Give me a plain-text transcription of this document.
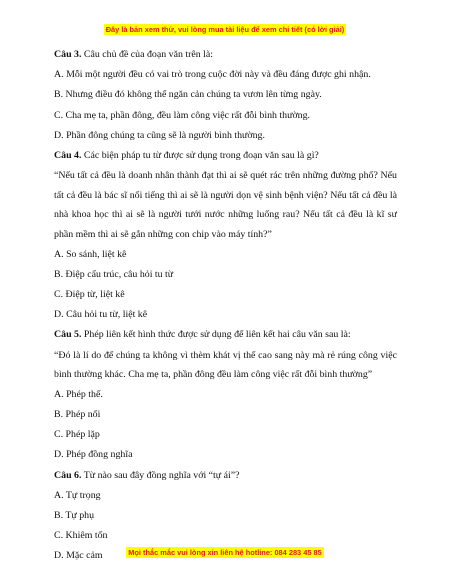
Đây là bản xem thử, vui lòng mua tài liệu để xem chi tiết (có lời giải)
Câu 3. Câu chủ đề của đoạn văn trên là:
A. Mỗi một người đều có vai trò trong cuộc đời này và đều đáng được ghi nhận.
B. Nhưng điều đó không thể ngăn cản chúng ta vươn lên từng ngày.
C. Cha mẹ ta, phần đông, đều làm công việc rất đỗi bình thường.
D. Phần đông chúng ta cũng sẽ là người bình thường.
Câu 4. Các biện pháp tu từ được sử dụng trong đoạn văn sau là gì?
“Nếu tất cả đều là doanh nhân thành đạt thì ai sẽ quét rác trên những đường phố? Nếu tất cả đều là bác sĩ nổi tiếng thì ai sẽ là người dọn vệ sinh bệnh viện? Nếu tất cả đều là nhà khoa học thì ai sẽ là người tưới nước những luống rau? Nếu tất cả đều là kĩ sư phần mềm thì ai sẽ gắn những con chip vào máy tính?”
A. So sánh, liệt kê
B. Điệp cấu trúc, câu hỏi tu từ
C. Điệp từ, liệt kê
D. Câu hỏi tu từ, liệt kê
Câu 5. Phép liên kết hình thức được sử dụng để liên kết hai câu văn sau là:
“Đó là lí do để chúng ta không vì thèm khát vị thế cao sang này mà rẻ rúng công việc bình thường khác. Cha mẹ ta, phần đông đều làm công việc rất đỗi bình thường”
A. Phép thế.
B. Phép nối
C. Phép lặp
D. Phép đồng nghĩa
Câu 6. Từ nào sau đây đồng nghĩa với “tự ái”?
A. Tự trọng
B. Tự phụ
C. Khiêm tốn
D. Mặc cảm	Mọi thắc mắc vui lòng xin liên hệ hotline: 084 283 45 85
